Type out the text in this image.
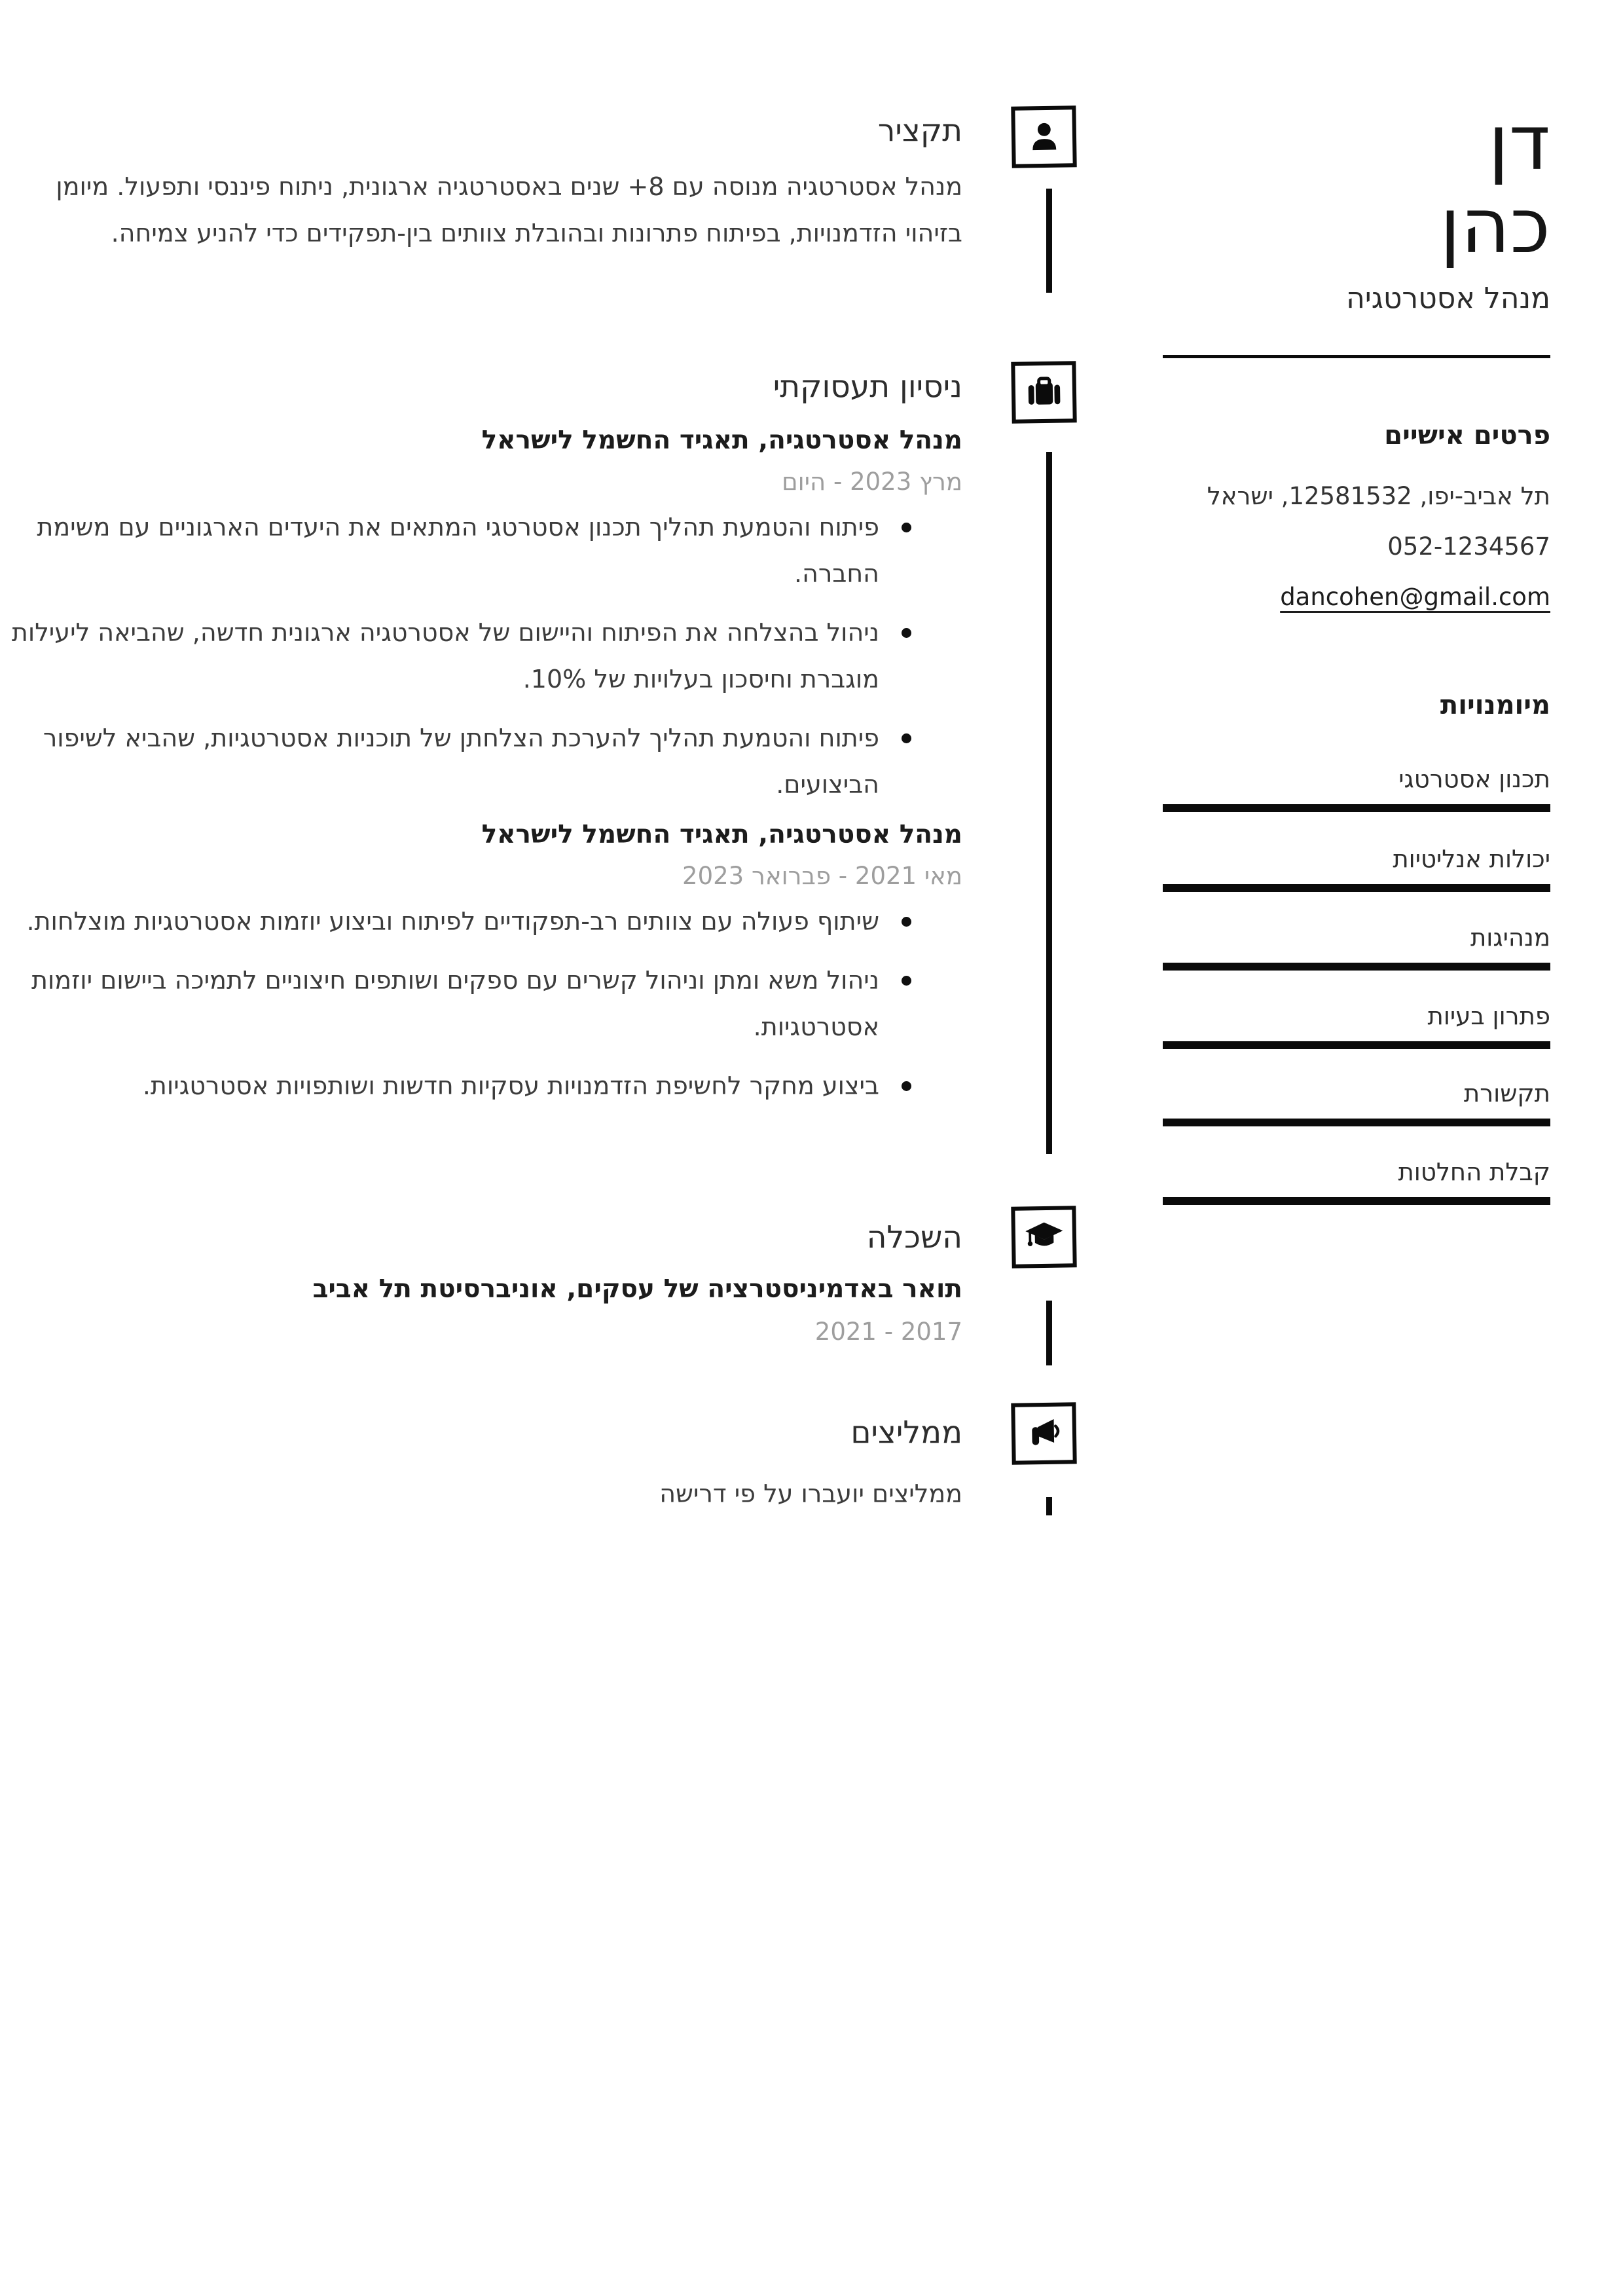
תקציר
מנהל אסטרטגיה מנוסה עם 8+ שנים באסטרטגיה ארגונית, ניתוח פיננסי ותפעול. מיומן בזיהוי הזדמנויות, בפיתוח פתרונות ובהובלת צוותים בין-תפקידים כדי להניע צמיחה.
ניסיון תעסוקתי
מנהל אסטרטגיה, תאגיד החשמל לישראל
מרץ 2023 - היום
פיתוח והטמעת תהליך תכנון אסטרטגי המתאים את היעדים הארגוניים עם משימת החברה.
ניהול בהצלחה את הפיתוח והיישום של אסטרטגיה ארגונית חדשה, שהביאה ליעילות מוגברת וחיסכון בעלויות של 10%.
פיתוח והטמעת תהליך להערכת הצלחתן של תוכניות אסטרטגיות, שהביא לשיפור הביצועים.
מנהל אסטרטגיה, תאגיד החשמל לישראל
מאי 2021 - פברואר 2023
שיתוף פעולה עם צוותים רב-תפקודיים לפיתוח וביצוע יוזמות אסטרטגיות מוצלחות.
ניהול משא ומתן וניהול קשרים עם ספקים ושותפים חיצוניים לתמיכה ביישום יוזמות אסטרטגיות.
ביצוע מחקר לחשיפת הזדמנויות עסקיות חדשות ושותפויות אסטרטגיות.
השכלה
תואר באדמיניסטרציה של עסקים, אוניברסיטת תל אביב
2017 - 2021
ממליצים
ממליצים יועברו על פי דרישה
דן
כהן
מנהל אסטרטגיה
פרטים אישיים
תל אביב-יפו, 12581532, ישראל
052-1234567
dancohen@gmail.com
מיומנויות
תכנון אסטרטגי
יכולות אנליטיות
מנהיגות
פתרון בעיות
תקשורת
קבלת החלטות
